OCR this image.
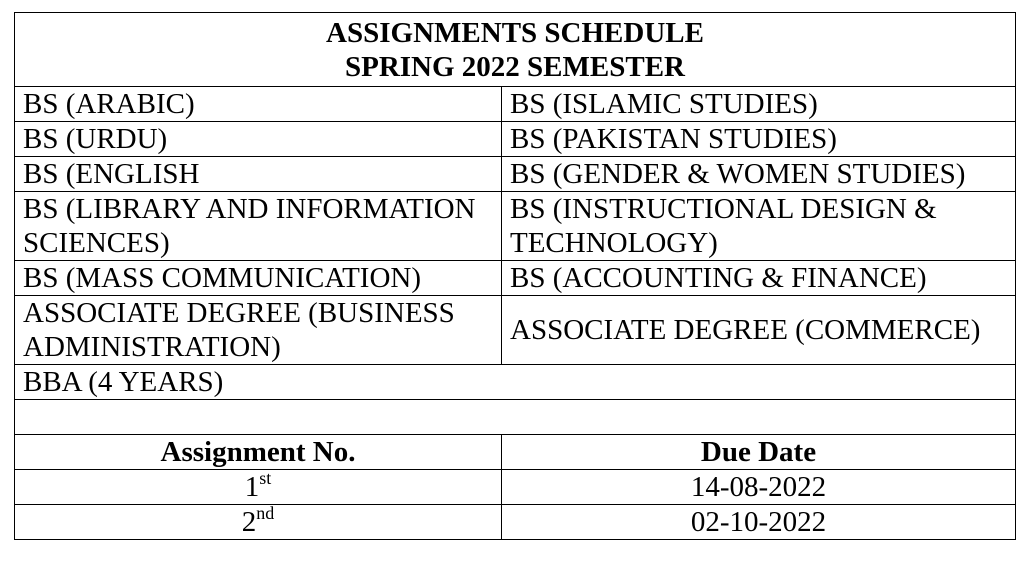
ASSIGNMENTS SCHEDULE
SPRING 2022 SEMESTER	

BS (ARABIC)	BS (ISLAMIC STUDIES)
BS (URDU)	BS (PAKISTAN STUDIES)
BS (ENGLISH	BS (GENDER & WOMEN STUDIES)
BS (LIBRARY AND INFORMATION SCIENCES)	BS (INSTRUCTIONAL DESIGN & TECHNOLOGY)
BS (MASS COMMUNICATION)	BS (ACCOUNTING & FINANCE)
ASSOCIATE DEGREE (BUSINESS ADMINISTRATION)	ASSOCIATE DEGREE (COMMERCE)
BBA (4 YEARS)	

Assignment No.	Due Date
1st	14-08-2022
2nd	02-10-2022
